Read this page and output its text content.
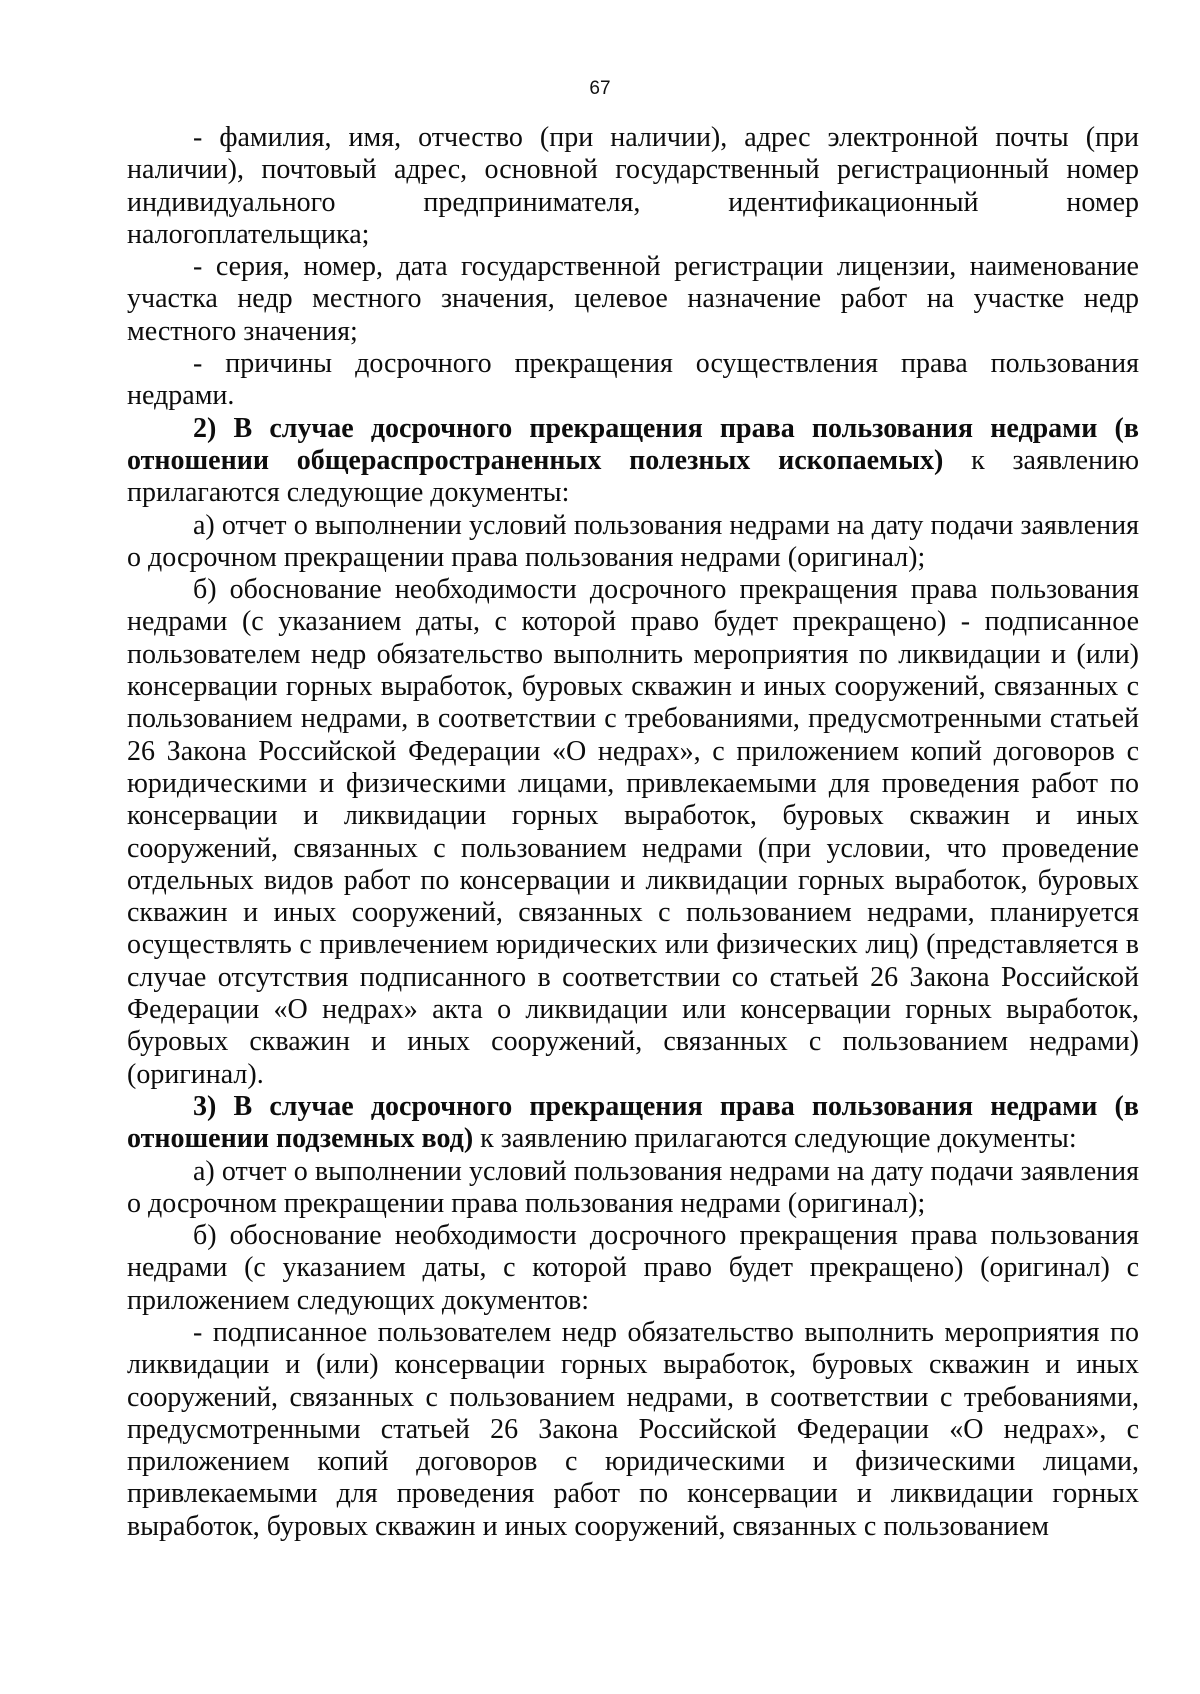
67

- фамилия, имя, отчество (при наличии), адрес электронной почты (при наличии), почтовый адрес, основной государственный регистрационный номер индивидуального предпринимателя, идентификационный номер налогоплательщика;

- серия, номер, дата государственной регистрации лицензии, наименование участка недр местного значения, целевое назначение работ на участке недр местного значения;

- причины досрочного прекращения осуществления права пользования недрами.

2) В случае досрочного прекращения права пользования недрами (в отношении общераспространенных полезных ископаемых) к заявлению прилагаются следующие документы:

а) отчет о выполнении условий пользования недрами на дату подачи заявления о досрочном прекращении права пользования недрами (оригинал);

б) обоснование необходимости досрочного прекращения права пользования недрами (с указанием даты, с которой право будет прекращено) - подписанное пользователем недр обязательство выполнить мероприятия по ликвидации и (или) консервации горных выработок, буровых скважин и иных сооружений, связанных с пользованием недрами, в соответствии с требованиями, предусмотренными статьей 26 Закона Российской Федерации «О недрах», с приложением копий договоров с юридическими и физическими лицами, привлекаемыми для проведения работ по консервации и ликвидации горных выработок, буровых скважин и иных сооружений, связанных с пользованием недрами (при условии, что проведение отдельных видов работ по консервации и ликвидации горных выработок, буровых скважин и иных сооружений, связанных с пользованием недрами, планируется осуществлять с привлечением юридических или физических лиц) (представляется в случае отсутствия подписанного в соответствии со статьей 26 Закона Российской Федерации «О недрах» акта о ликвидации или консервации горных выработок, буровых скважин и иных сооружений, связанных с пользованием недрами) (оригинал).

3) В случае досрочного прекращения права пользования недрами (в отношении подземных вод) к заявлению прилагаются следующие документы:

а) отчет о выполнении условий пользования недрами на дату подачи заявления о досрочном прекращении права пользования недрами (оригинал);

б) обоснование необходимости досрочного прекращения права пользования недрами (с указанием даты, с которой право будет прекращено) (оригинал) с приложением следующих документов:

- подписанное пользователем недр обязательство выполнить мероприятия по ликвидации и (или) консервации горных выработок, буровых скважин и иных сооружений, связанных с пользованием недрами, в соответствии с требованиями, предусмотренными статьей 26 Закона Российской Федерации «О недрах», с приложением копий договоров с юридическими и физическими лицами, привлекаемыми для проведения работ по консервации и ликвидации горных выработок, буровых скважин и иных сооружений, связанных с пользованием
